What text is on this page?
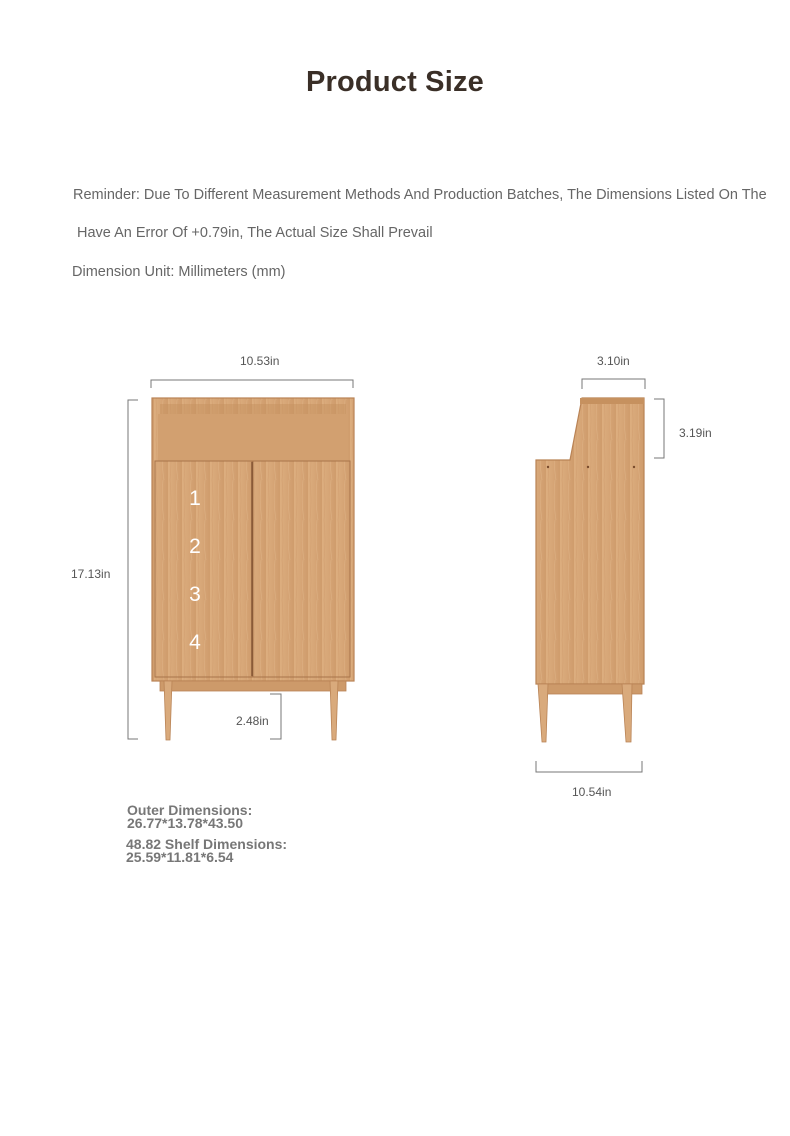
Product Size
Reminder: Due To Different Measurement Methods And Production Batches, The Dimensions Listed On The
Have An Error Of +0.79in, The Actual Size Shall Prevail
Dimension Unit: Millimeters (mm)
1
2
3
4
10.53in
17.13in
2.48in
3.10in
3.19in
10.54in
Outer Dimensions:
26.77*13.78*43.50
48.82 Shelf Dimensions:
25.59*11.81*6.54
